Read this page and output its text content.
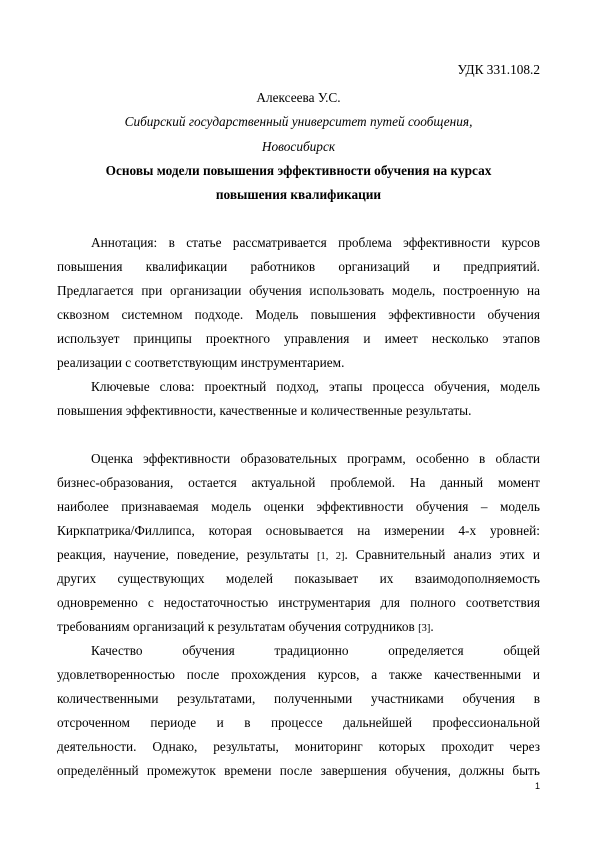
УДК 331.108.2
Алексеева У.С.
Сибирский государственный университет путей сообщения,
Новосибирск
Основы модели повышения эффективности обучения на курсах
повышения квалификации
Аннотация: в статье рассматривается проблема эффективности курсов
повышения квалификации работников организаций и предприятий.
Предлагается при организации обучения использовать модель, построенную на
сквозном системном подходе. Модель повышения эффективности обучения
использует принципы проектного управления и имеет несколько этапов
реализации с соответствующим инструментарием.
Ключевые слова: проектный подход, этапы процесса обучения, модель
повышения эффективности, качественные и количественные результаты.
Оценка эффективности образовательных программ, особенно в области
бизнес-образования, остается актуальной проблемой. На данный момент
наиболее признаваемая модель оценки эффективности обучения – модель
Киркпатрика/Филлипса, которая основывается на измерении 4-х уровней:
реакция, научение, поведение, результаты [1, 2]. Сравнительный анализ этих и
других существующих моделей показывает их взаимодополняемость
одновременно с недостаточностью инструментария для полного соответствия
требованиям организаций к результатам обучения сотрудников [3].
Качество обучения традиционно определяется общей
удовлетворенностью после прохождения курсов, а также качественными и
количественными результатами, полученными участниками обучения в
отсроченном периоде и в процессе дальнейшей профессиональной
деятельности. Однако, результаты, мониторинг которых проходит через
определённый промежуток времени после завершения обучения, должны быть
1
